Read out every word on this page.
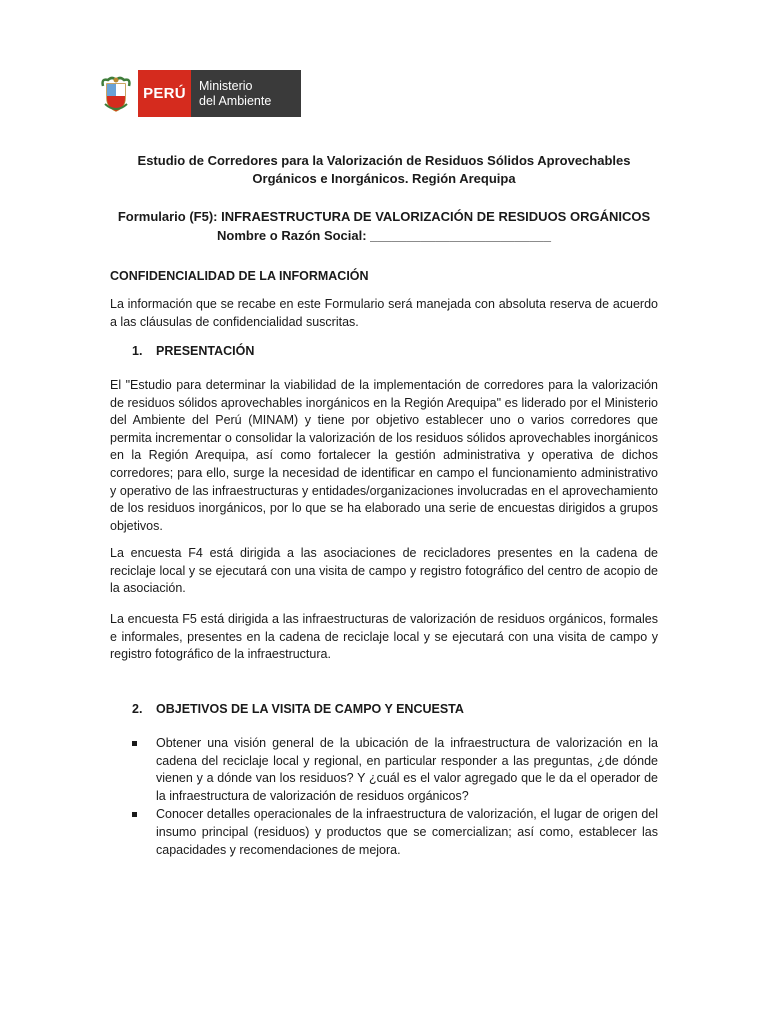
PERÚ	Ministerio
del Ambiente
Estudio de Corredores para la Valorización de Residuos Sólidos Aprovechables
Orgánicos e Inorgánicos. Región Arequipa
Formulario (F5): INFRAESTRUCTURA DE VALORIZACIÓN DE RESIDUOS ORGÁNICOS
Nombre o Razón Social: _________________________
CONFIDENCIALIDAD DE LA INFORMACIÓN

La información que se recabe en este Formulario será manejada con absoluta reserva de acuerdo a las cláusulas de confidencialidad suscritas.

1. PRESENTACIÓN

El "Estudio para determinar la viabilidad de la implementación de corredores para la valorización de residuos sólidos aprovechables inorgánicos en la Región Arequipa" es liderado por el Ministerio del Ambiente del Perú (MINAM) y tiene por objetivo establecer uno o varios corredores que permita incrementar o consolidar la valorización de los residuos sólidos aprovechables inorgánicos en la Región Arequipa, así como fortalecer la gestión administrativa y operativa de dichos corredores; para ello, surge la necesidad de identificar en campo el funcionamiento administrativo y operativo de las infraestructuras y entidades/organizaciones involucradas en el aprovechamiento de los residuos inorgánicos, por lo que se ha elaborado una serie de encuestas dirigidos a grupos objetivos.

La encuesta F4 está dirigida a las asociaciones de recicladores presentes en la cadena de reciclaje local y se ejecutará con una visita de campo y registro fotográfico del centro de acopio de la asociación.

La encuesta F5 está dirigida a las infraestructuras de valorización de residuos orgánicos, formales e informales, presentes en la cadena de reciclaje local y se ejecutará con una visita de campo y registro fotográfico de la infraestructura.

2. OBJETIVOS DE LA VISITA DE CAMPO Y ENCUESTA
Obtener una visión general de la ubicación de la infraestructura de valorización en la cadena del reciclaje local y regional, en particular responder a las preguntas, ¿de dónde vienen y a dónde van los residuos? Y ¿cuál es el valor agregado que le da el operador de la infraestructura de valorización de residuos orgánicos?
Conocer detalles operacionales de la infraestructura de valorización, el lugar de origen del insumo principal (residuos) y productos que se comercializan; así como, establecer las capacidades y recomendaciones de mejora.
